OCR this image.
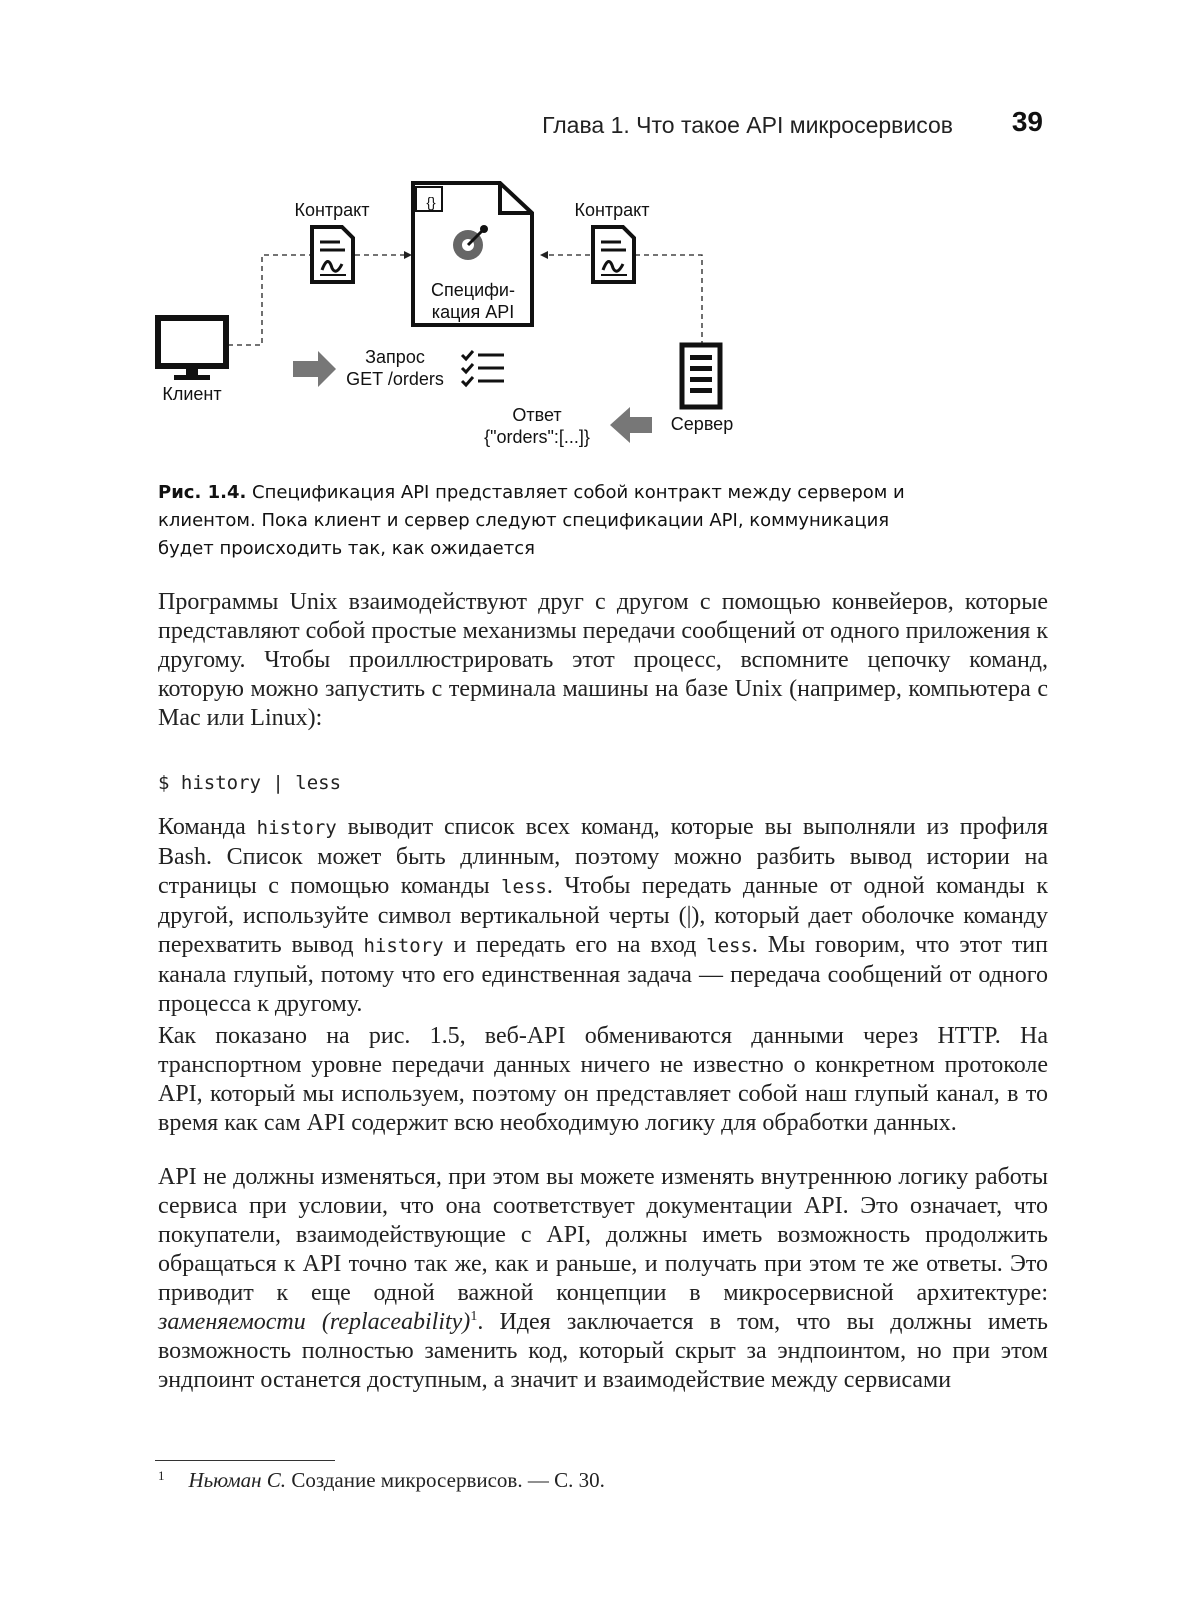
Глава 1. Что такое API микросервисов 39
{}
Контракт	Контракт
Специфи-
кация API
Клиент
Сервер
Запрос
GET /orders
Ответ
{"orders":[...]}
Рис. 1.4. Спецификация API представляет собой контракт между сервером и клиентом. Пока клиент и сервер следуют спецификации API, коммуникация будет происходить так, как ожидается

Программы Unix взаимодействуют друг с другом с помощью конвейеров, которые представляют собой простые механизмы передачи сообщений от одного приложения к другому. Чтобы проиллюстрировать этот процесс, вспомните цепочку команд, которую можно запустить с терминала машины на базе Unix (например, компьютера с Mac или Linux):

$ history | less

Команда history выводит список всех команд, которые вы выполняли из профиля Bash. Список может быть длинным, поэтому можно разбить вывод истории на страницы с помощью команды less. Чтобы передать данные от одной команды к другой, используйте символ вертикальной черты (|), который дает оболочке команду перехватить вывод history и передать его на вход less. Мы говорим, что этот тип канала глупый, потому что его единственная задача — передача сообщений от одного процесса к другому.

Как показано на рис. 1.5, веб-API обмениваются данными через HTTP. На транспортном уровне передачи данных ничего не известно о конкретном протоколе API, который мы используем, поэтому он представляет собой наш глупый канал, в то время как сам API содержит всю необходимую логику для обработки данных.

API не должны изменяться, при этом вы можете изменять внутреннюю логику работы сервиса при условии, что она соответствует документации API. Это означает, что покупатели, взаимодействующие с API, должны иметь возможность продолжить обращаться к API точно так же, как и раньше, и получать при этом те же ответы. Это приводит к еще одной важной концепции в микросервисной архитектуре: заменяемости (replaceability)$^1$. Идея заключается в том, что вы должны иметь возможность полностью заменить код, который скрыт за эндпоинтом, но при этом эндпоинт останется доступным, а значит и взаимодействие между сервисами

$^1$ Ньюман С. Создание микросервисов. — С. 30.
